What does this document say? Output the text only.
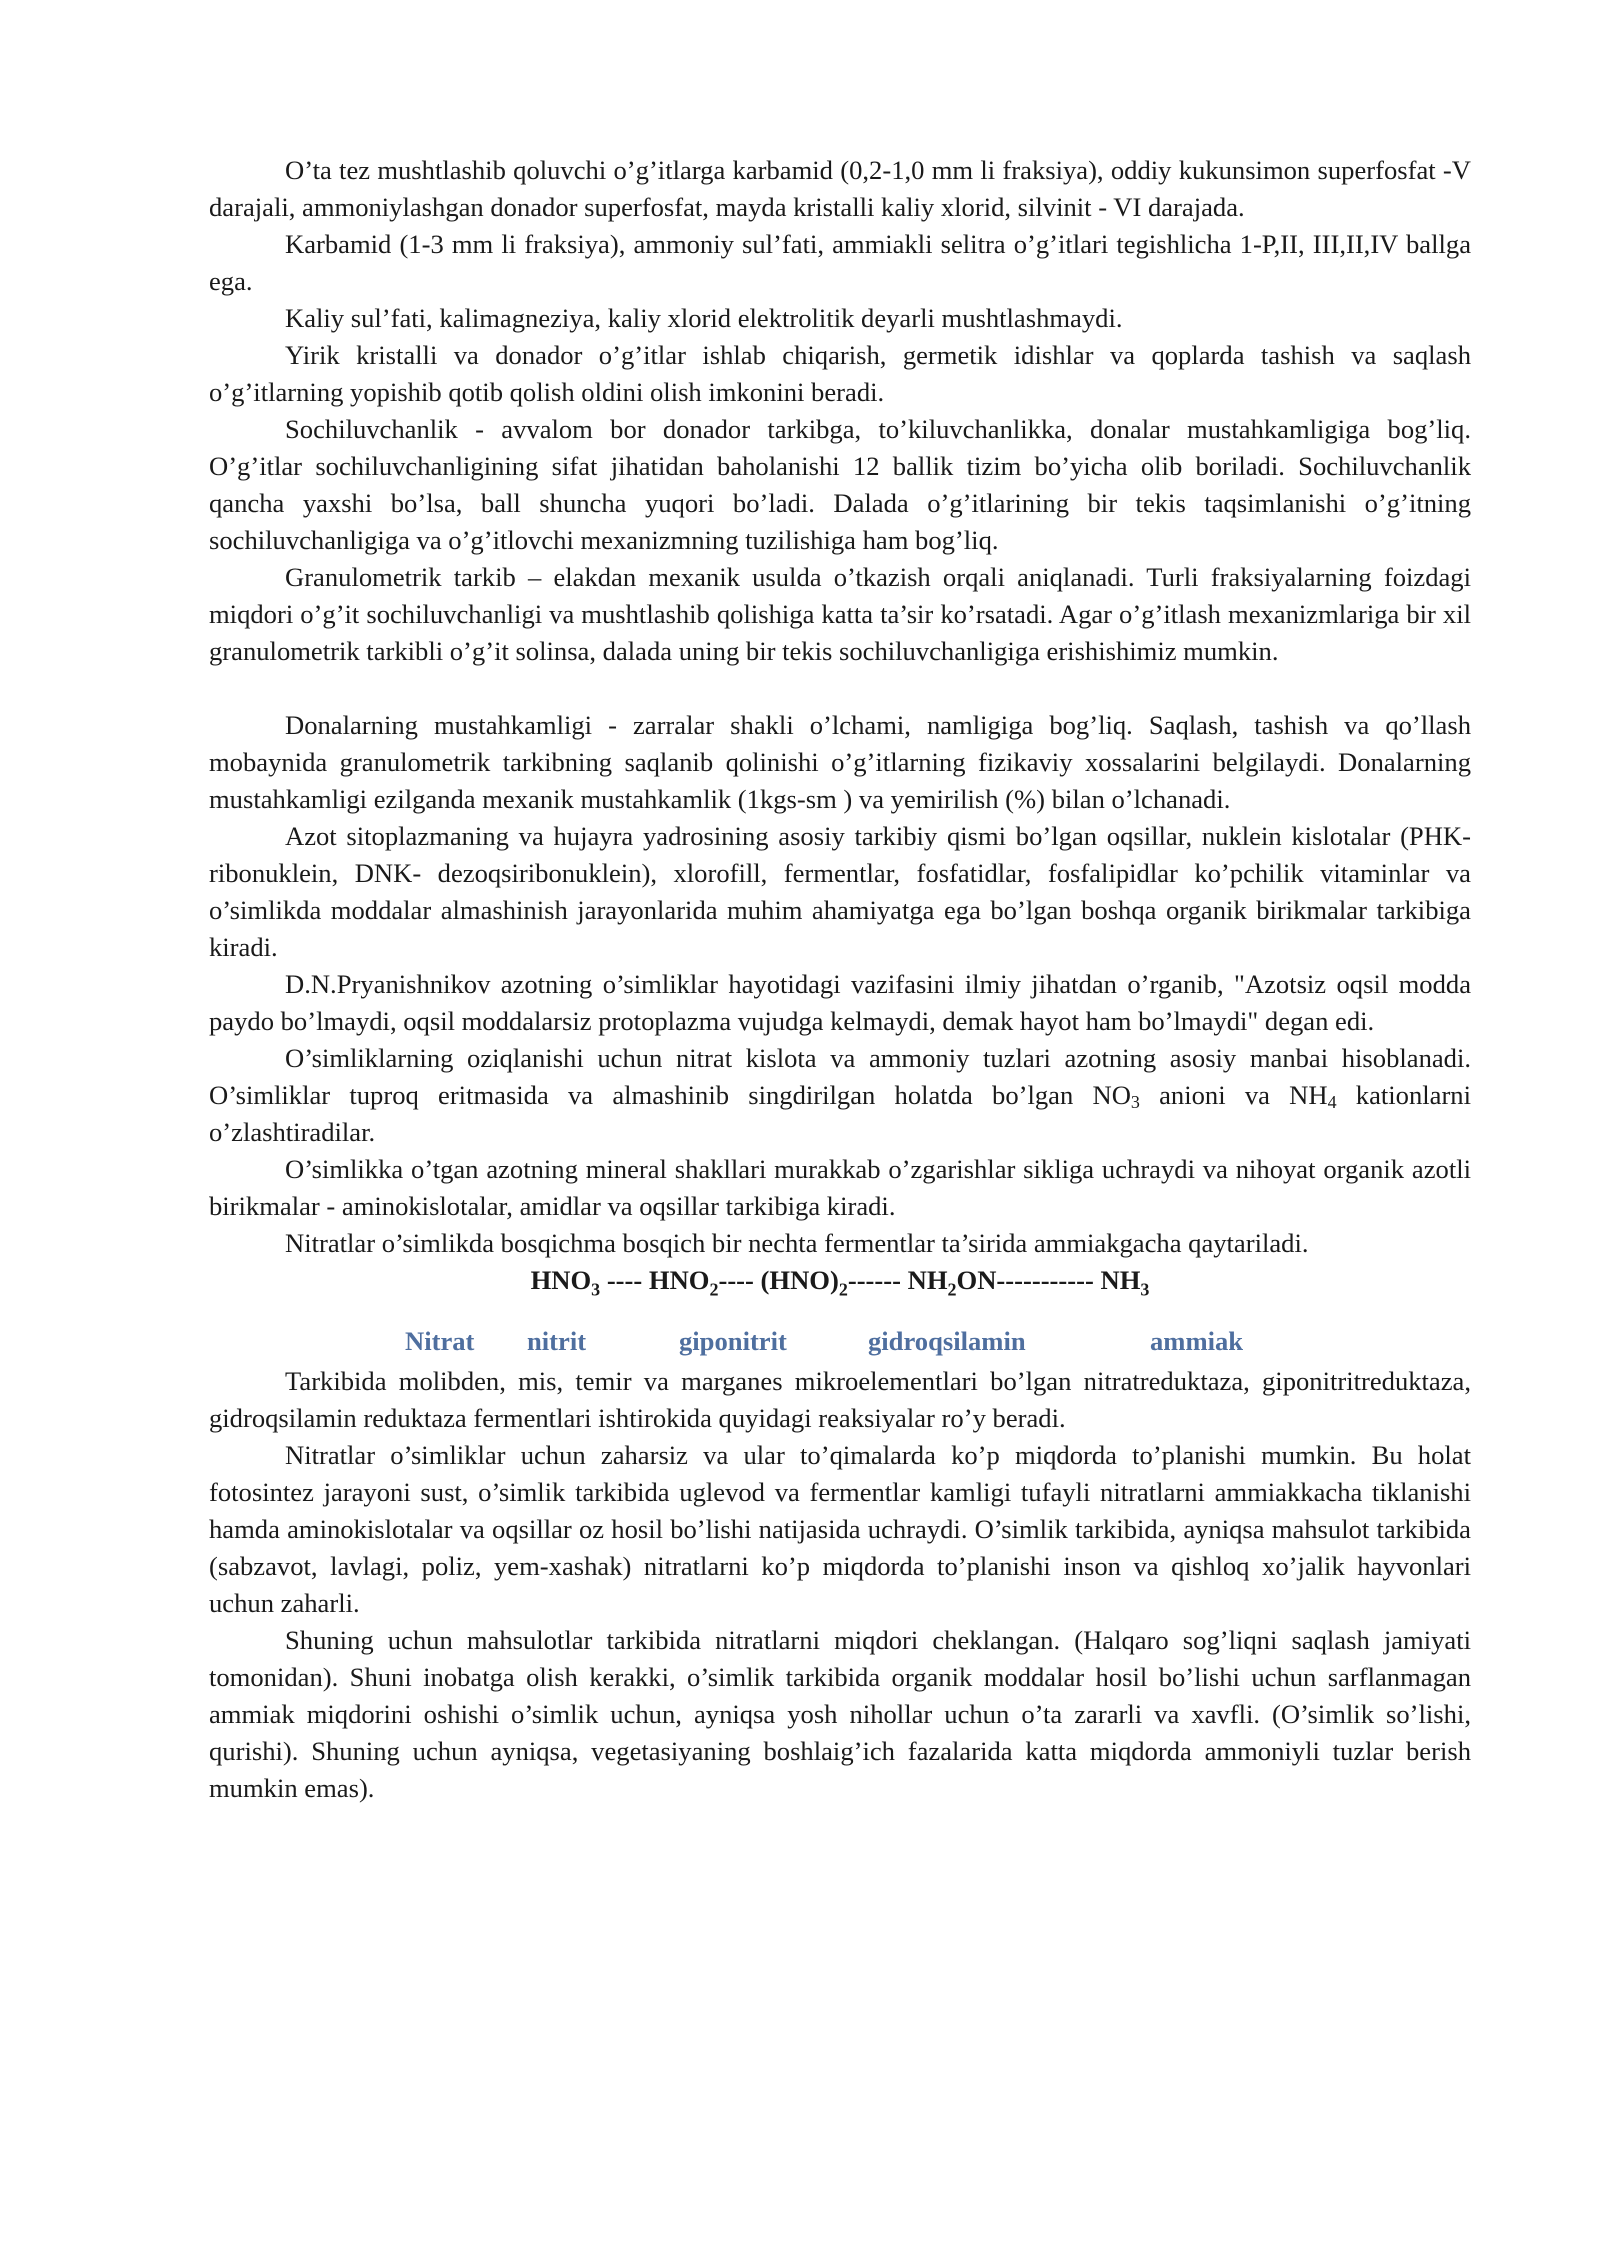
O’ta tez mushtlashib qoluvchi o’g’itlarga karbamid (0,2-1,0 mm li fraksiya), oddiy kukunsimon superfosfat -V darajali, ammoniylashgan donador superfosfat, mayda kristalli kaliy xlorid, silvinit - VI darajada.

Karbamid (1-3 mm li fraksiya), ammoniy sul’fati, ammiakli selitra o’g’itlari tegishlicha 1-P,II, III,II,IV ballga ega.

Kaliy sul’fati, kalimagneziya, kaliy xlorid elektrolitik deyarli mushtlashmaydi.

Yirik kristalli va donador o’g’itlar ishlab chiqarish, germetik idishlar va qoplarda tashish va saqlash o’g’itlarning yopishib qotib qolish oldini olish imkonini beradi.

Sochiluvchanlik - avvalom bor donador tarkibga, to’kiluvchanlikka, donalar mustahkamligiga bog’liq. O’g’itlar sochiluvchanligining sifat jihatidan baholanishi 12 ballik tizim bo’yicha olib boriladi. Sochiluvchanlik qancha yaxshi bo’lsa, ball shuncha yuqori bo’ladi. Dalada o’g’itlarining bir tekis taqsimlanishi o’g’itning sochiluvchanligiga va o’g’itlovchi mexanizmning tuzilishiga ham bog’liq.

Granulometrik tarkib – elakdan mexanik usulda o’tkazish orqali aniqlanadi. Turli fraksiyalarning foizdagi miqdori o’g’it sochiluvchanligi va mushtlashib qolishiga katta ta’sir ko’rsatadi. Agar o’g’itlash mexanizmlariga bir xil granulometrik tarkibli o’g’it solinsa, dalada uning bir tekis sochiluvchanligiga erishishimiz mumkin.

Donalarning mustahkamligi - zarralar shakli o’lchami, namligiga bog’liq. Saqlash, tashish va qo’llash mobaynida granulometrik tarkibning saqlanib qolinishi o’g’itlarning fizikaviy xossalarini belgilaydi. Donalarning mustahkamligi ezilganda mexanik mustahkamlik (1kgs-sm ) va yemirilish (%) bilan o’lchanadi.

Azot sitoplazmaning va hujayra yadrosining asosiy tarkibiy qismi bo’lgan oqsillar, nuklein kislotalar (PHK- ribonuklein, DNK- dezoqsiribonuklein), xlorofill, fermentlar, fosfatidlar, fosfalipidlar ko’pchilik vitaminlar va o’simlikda moddalar almashinish jarayonlarida muhim ahamiyatga ega bo’lgan boshqa organik birikmalar tarkibiga kiradi.

D.N.Pryanishnikov azotning o’simliklar hayotidagi vazifasini ilmiy jihatdan o’rganib, "Azotsiz oqsil modda paydo bo’lmaydi, oqsil moddalarsiz protoplazma vujudga kelmaydi, demak hayot ham bo’lmaydi" degan edi.

O’simliklarning oziqlanishi uchun nitrat kislota va ammoniy tuzlari azotning asosiy manbai hisoblanadi. O’simliklar tuproq eritmasida va almashinib singdirilgan holatda bo’lgan NO3 anioni va NH4 kationlarni o’zlashtiradilar.

O’simlikka o’tgan azotning mineral shakllari murakkab o’zgarishlar sikliga uchraydi va nihoyat organik azotli birikmalar - aminokislotalar, amidlar va oqsillar tarkibiga kiradi.

Nitratlar o’simlikda bosqichma bosqich bir nechta fermentlar ta’sirida ammiakgacha qaytariladi.

$HNO_3$ ---- $HNO_2----$ $(HNO)_2------$ $NH_2ON-----------$ $NH_3$

Nitrat nitrit	giponitrit	gidroqsilamin	ammiak

Tarkibida molibden, mis, temir va marganes mikroelementlari bo’lgan nitratreduktaza, giponitritreduktaza, gidroqsilamin reduktaza fermentlari ishtirokida quyidagi reaksiyalar ro’y beradi.

Nitratlar o’simliklar uchun zaharsiz va ular to’qimalarda ko’p miqdorda to’planishi mumkin. Bu holat fotosintez jarayoni sust, o’simlik tarkibida uglevod va fermentlar kamligi tufayli nitratlarni ammiakkacha tiklanishi hamda aminokislotalar va oqsillar oz hosil bo’lishi natijasida uchraydi. O’simlik tarkibida, ayniqsa mahsulot tarkibida (sabzavot, lavlagi, poliz, yem-xashak) nitratlarni ko’p miqdorda to’planishi inson va qishloq xo’jalik hayvonlari uchun zaharli.

Shuning uchun mahsulotlar tarkibida nitratlarni miqdori cheklangan. (Halqaro sog’liqni saqlash jamiyati tomonidan). Shuni inobatga olish kerakki, o’simlik tarkibida organik moddalar hosil bo’lishi uchun sarflanmagan ammiak miqdorini oshishi o’simlik uchun, ayniqsa yosh nihollar uchun o’ta zararli va xavfli. (O’simlik so’lishi, qurishi). Shuning uchun ayniqsa, vegetasiyaning boshlaig’ich fazalarida katta miqdorda ammoniyli tuzlar berish mumkin emas).
